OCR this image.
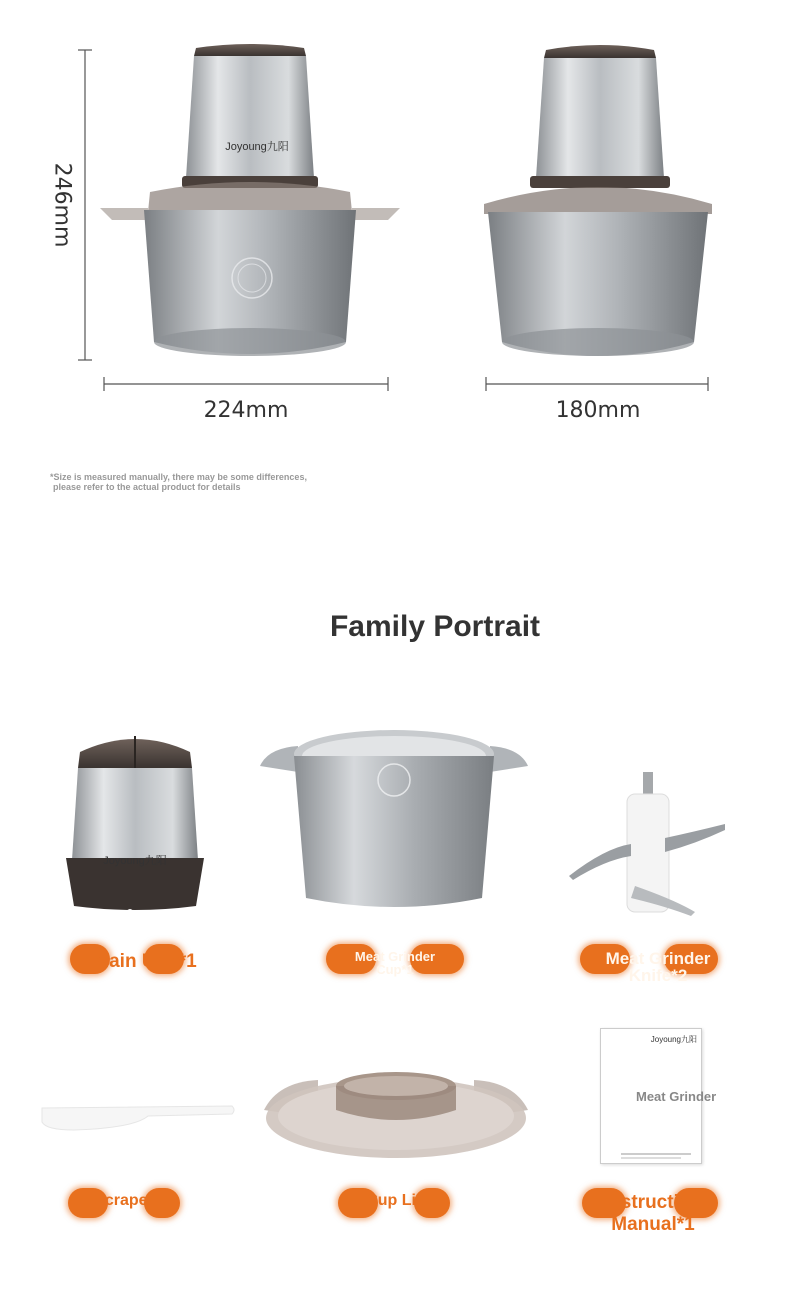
Joyoung九阳
246mm
224mm	180mm
*Size is measured manually, there may be some differences,
please refer to the actual product for details
Family Portrait
Joyoung九阳
Main Unit*1	Meat Grinder
Cup*1
Meat Grinder
Knife*2
Joyoung九阳
Meat Grinder
Scraper	Cup Lid	Instruction
Manual*1
